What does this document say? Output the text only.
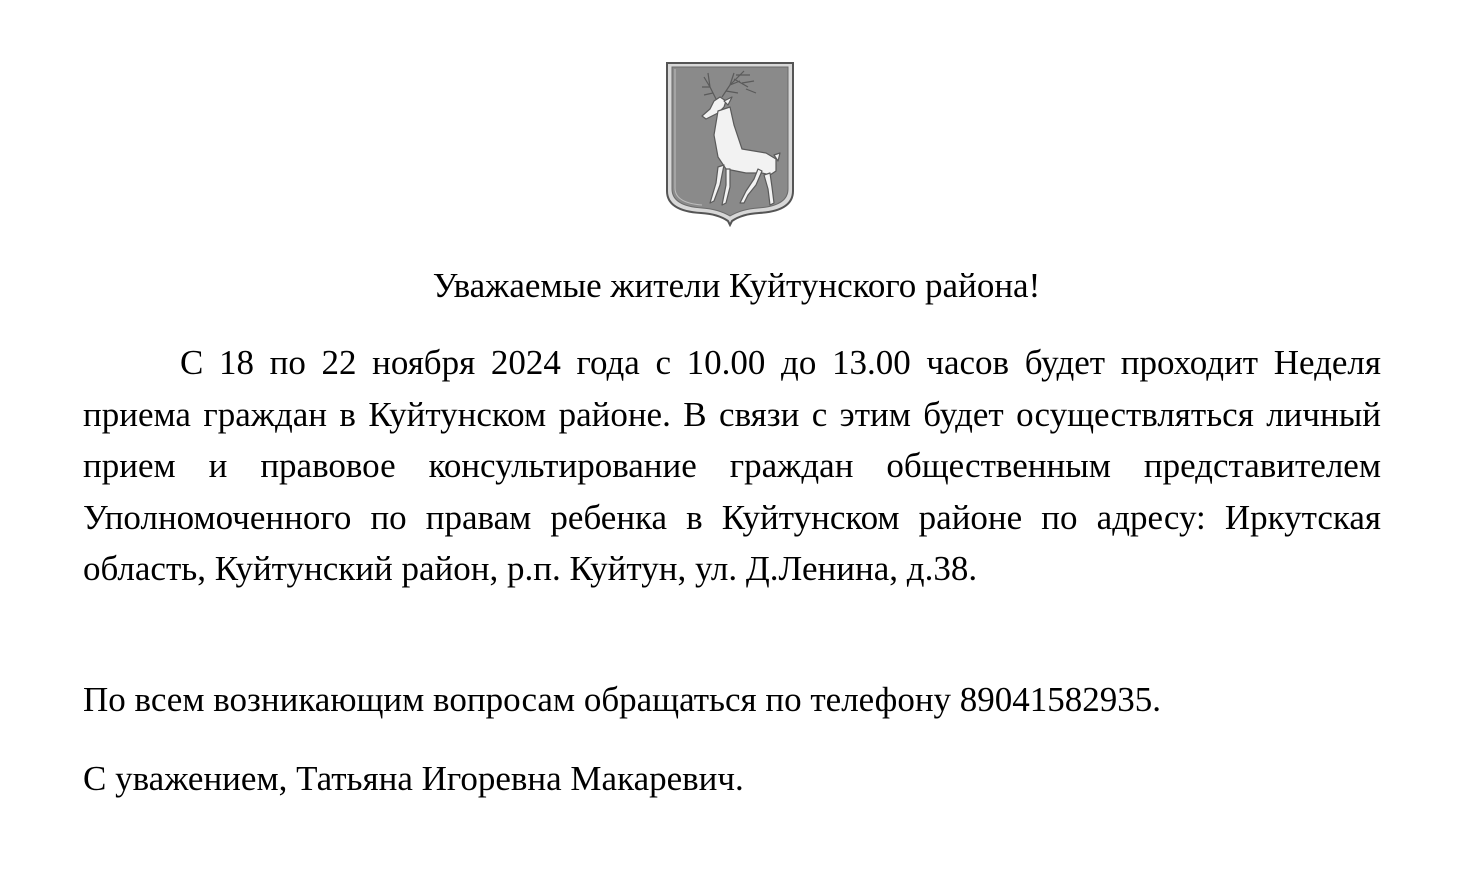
Уважаемые жители Куйтунского района!

С 18 по 22 ноября 2024 года с 10.00 до 13.00 часов будет проходит Неделя приема граждан в Куйтунском районе. В связи с этим будет осуществляться личный прием и правовое консультирование граждан общественным представителем Уполномоченного по правам ребенка в Куйтунском районе по адресу: Иркутская область, Куйтунский район, р.п. Куйтун, ул. Д.Ленина, д.38.

По всем возникающим вопросам обращаться по телефону 89041582935.

С уважением, Татьяна Игоревна Макаревич.
